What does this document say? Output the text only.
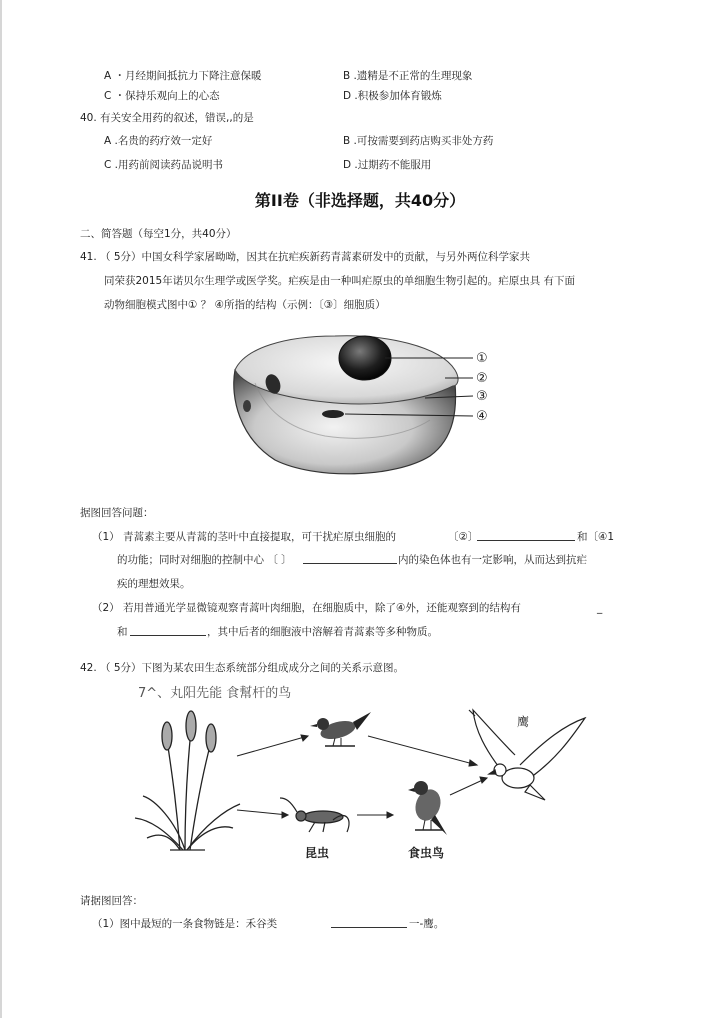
A ・月经期间抵抗力下降注意保暖	B .遗精是不正常的生理现象
C ・保持乐观向上的心态	D .积极参加体育锻炼
40. 有关安全用药的叙述，错误,,的是
A .名贵的药疗效一定好	B .可按需要到药店购买非处方药
C .用药前阅读药品说明书	D .过期药不能服用
第II卷（非选择题，共40分）
二、简答题（每空1分，共40分）
41. （ 5分）中国女科学家屠呦呦，因其在抗疟疾新药青蒿素研发中的贡献，与另外两位科学家共
同荣获2015年诺贝尔生理学或医学奖。疟疾是由一种叫疟原虫的单细胞生物引起的。疟原虫具 有下面
动物细胞模式图中① ？ ④所指的结构（示例：〔③〕细胞质）
①
②
③
④
据图回答问题：
（1） 青蒿素主要从青蒿的茎叶中直接提取，可干扰疟原虫细胞的	〔②〕	和〔④1
的功能；同时对细胞的控制中心 〔 〕	内的染色体也有一定影响，从而达到抗疟
疾的理想效果。
（2） 若用普通光学显微镜观察青蒿叶肉细胞，在细胞质中，除了④外，还能观察到的结构有	_
和	，其中后者的细胞液中溶解着青蒿素等多种物质。
42. （ 5分）下图为某农田生态系统部分组成成分之间的关系示意图。
7^、丸阳先能 食幫杆的鸟
鹰
昆虫	食虫鸟
请据图回答：
（1）图中最短的一条食物链是：禾谷类	一-鹰。
